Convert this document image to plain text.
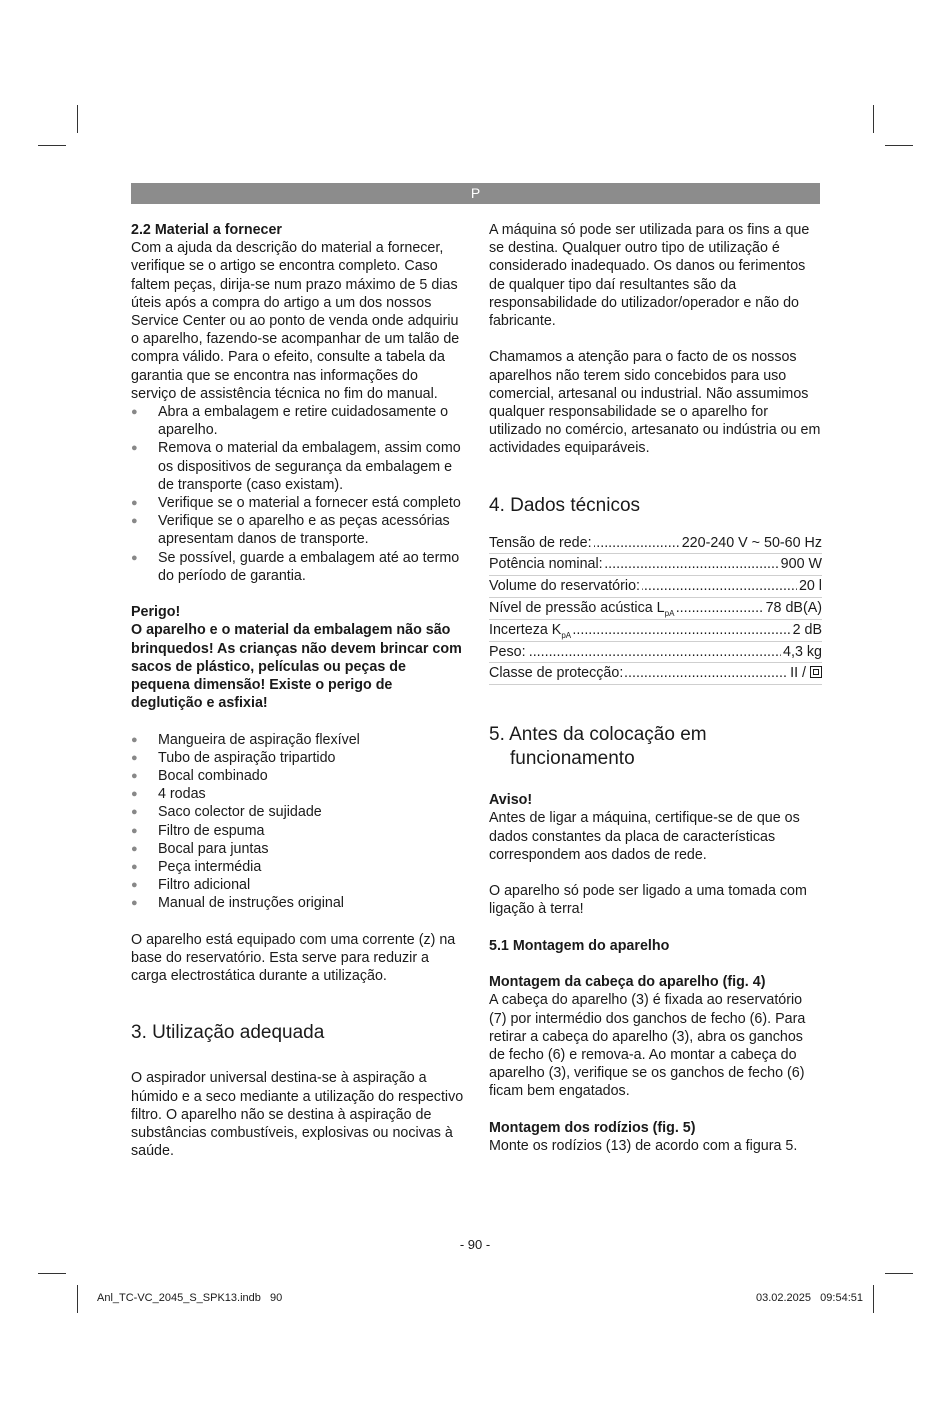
P

2.2 Material a fornecer

Com a ajuda da descrição do material a fornecer, verifique se o artigo se encontra completo. Caso faltem peças, dirija-se num prazo máximo de 5 dias úteis após a compra do artigo a um dos nossos Service Center ou ao ponto de venda onde adquiriu o aparelho, fazendo-se acompanhar de um talão de compra válido. Para o efeito, consulte a tabela da garantia que se encontra nas informações do serviço de assistência técnica no fim do manual.

● Abra a embalagem e retire cuidadosamente o aparelho.
● Remova o material da embalagem, assim como os dispositivos de segurança da embalagem e de transporte (caso existam).
● Verifique se o material a fornecer está completo
● Verifique se o aparelho e as peças acessórias apresentam danos de transporte.
● Se possível, guarde a embalagem até ao termo do período de garantia.

Perigo!

O aparelho e o material da embalagem não são brinquedos! As crianças não devem brincar com sacos de plástico, películas ou peças de pequena dimensão! Existe o perigo de deglutição e asfixia!

● Mangueira de aspiração flexível
● Tubo de aspiração tripartido
● Bocal combinado
● 4 rodas
● Saco colector de sujidade
● Filtro de espuma
● Bocal para juntas
● Peça intermédia
● Filtro adicional
● Manual de instruções original

O aparelho está equipado com uma corrente (z) na base do reservatório. Esta serve para reduzir a carga electrostática durante a utilização.

3. Utilização adequada

O aspirador universal destina-se à aspiração a húmido e a seco mediante a utilização do respectivo filtro. O aparelho não se destina à aspiração de substâncias combustíveis, explosivas ou nocivas à saúde.

A máquina só pode ser utilizada para os fins a que se destina. Qualquer outro tipo de utilização é considerado inadequado. Os danos ou ferimentos de qualquer tipo daí resultantes são da responsabilidade do utilizador/operador e não do fabricante.

Chamamos a atenção para o facto de os nossos aparelhos não terem sido concebidos para uso comercial, artesanal ou industrial. Não assumimos qualquer responsabilidade se o aparelho for utilizado no comércio, artesanato ou indústria ou em actividades equiparáveis.

4. Dados técnicos
Tensão de rede:	220-240 V ~ 50-60 Hz
.....
Potência nominal:	900 W
.....
Volume do reservatório:	20 l
.....
Nível de pressão acústica $L_{pA}$	78 dB(A)
.....
Incerteza $K_{pA}$	2 dB
.....
Peso:	4,3 kg
.....
Classe de protecção:	II /
.....
5. Antes da colocação em funcionamento

Aviso!

Antes de ligar a máquina, certifique-se de que os dados constantes da placa de características correspondem aos dados de rede.

O aparelho só pode ser ligado a uma tomada com ligação à terra!

5.1 Montagem do aparelho

Montagem da cabeça do aparelho (fig. 4)

A cabeça do aparelho (3) é fixada ao reservatório (7) por intermédio dos ganchos de fecho (6). Para retirar a cabeça do aparelho (3), abra os ganchos de fecho (6) e remova-a. Ao montar a cabeça do aparelho (3), verifique se os ganchos de fecho (6) ficam bem engatados.

Montagem dos rodízios (fig. 5)

Monte os rodízios (13) de acordo com a figura 5.

- 90 -
Anl_TC-VC_2045_S_SPK13.indb   90	03.02.2025   09:54:51
